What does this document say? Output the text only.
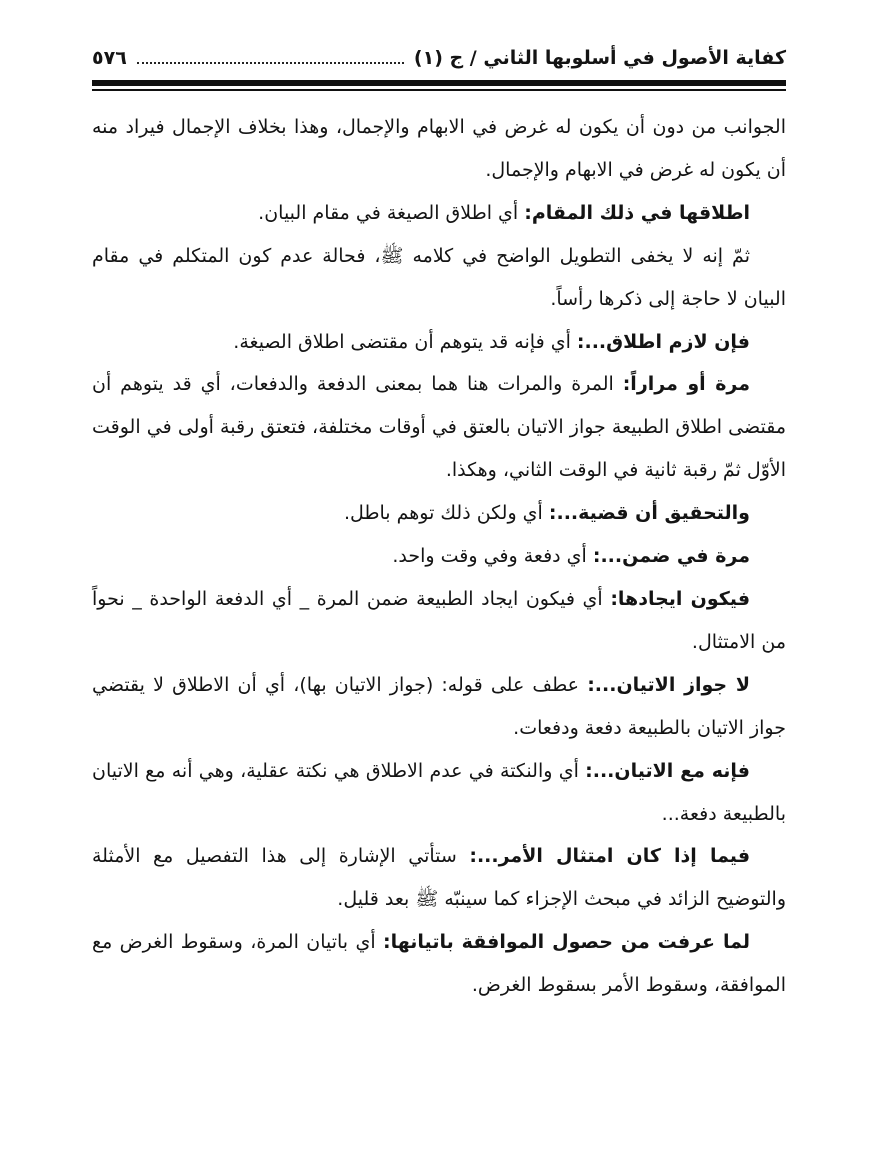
كفاية الأصول في أسلوبها الثاني / ج (١)
٥٧٦

الجوانب من دون أن يكون له غرض في الابهام والإجمال، وهذا بخلاف الإجمال فيراد منه أن يكون له غرض في الابهام والإجمال.

اطلاقها في ذلك المقام: أي اطلاق الصيغة في مقام البيان.

ثمّ إنه لا يخفى التطويل الواضح في كلامه ﷺ، فحالة عدم كون المتكلم في مقام البيان لا حاجة إلى ذكرها رأساً.

فإن لازم اطلاق...: أي فإنه قد يتوهم أن مقتضى اطلاق الصيغة.

مرة أو مراراً: المرة والمرات هنا هما بمعنى الدفعة والدفعات، أي قد يتوهم أن مقتضى اطلاق الطبيعة جواز الاتيان بالعتق في أوقات مختلفة، فتعتق رقبة أولى في الوقت الأوّل ثمّ رقبة ثانية في الوقت الثاني، وهكذا.

والتحقيق أن قضية...: أي ولكن ذلك توهم باطل.

مرة في ضمن...: أي دفعة وفي وقت واحد.

فيكون ايجادها: أي فيكون ايجاد الطبيعة ضمن المرة _ أي الدفعة الواحدة _ نحواً من الامتثال.

لا جواز الاتيان...: عطف على قوله: (جواز الاتيان بها)، أي أن الاطلاق لا يقتضي جواز الاتيان بالطبيعة دفعة ودفعات.

فإنه مع الاتيان...: أي والنكتة في عدم الاطلاق هي نكتة عقلية، وهي أنه مع الاتيان بالطبيعة دفعة...

فيما إذا كان امتثال الأمر...: ستأتي الإشارة إلى هذا التفصيل مع الأمثلة والتوضيح الزائد في مبحث الإجزاء كما سينبّه ﷺ بعد قليل.

لما عرفت من حصول الموافقة باتيانها: أي باتيان المرة، وسقوط الغرض مع الموافقة، وسقوط الأمر بسقوط الغرض.
